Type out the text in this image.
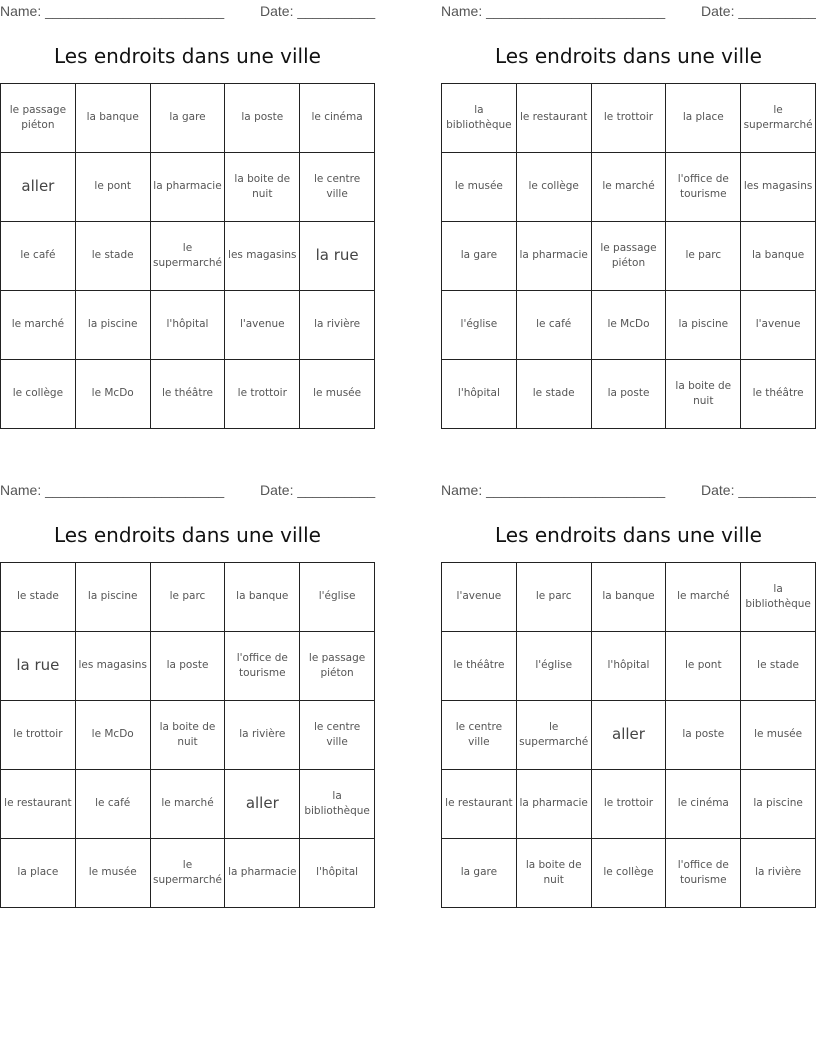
Name: _______________________	Date: __________
Les endroits dans une ville
le passage piéton	la banque	la gare	la poste	le cinéma
aller	le pont	la pharmacie	la boite de nuit	le centre ville
le café	le stade	le supermarché	les magasins	la rue
le marché	la piscine	l'hôpital	l'avenue	la rivière
le collège	le McDo	le théâtre	le trottoir	le musée
Name: _______________________	Date: __________
Les endroits dans une ville
la bibliothèque	le restaurant	le trottoir	la place	le supermarché
le musée	le collège	le marché	l'office de tourisme	les magasins
la gare	la pharmacie	le passage piéton	le parc	la banque
l'église	le café	le McDo	la piscine	l'avenue
l'hôpital	le stade	la poste	la boite de nuit	le théâtre
Name: _______________________	Date: __________
Les endroits dans une ville
le stade	la piscine	le parc	la banque	l'église
la rue	les magasins	la poste	l'office de tourisme	le passage piéton
le trottoir	le McDo	la boite de nuit	la rivière	le centre ville
le restaurant	le café	le marché	aller	la bibliothèque
la place	le musée	le supermarché	la pharmacie	l'hôpital
Name: _______________________	Date: __________
Les endroits dans une ville
l'avenue	le parc	la banque	le marché	la bibliothèque
le théâtre	l'église	l'hôpital	le pont	le stade
le centre ville	le supermarché	aller	la poste	le musée
le restaurant	la pharmacie	le trottoir	le cinéma	la piscine
la gare	la boite de nuit	le collège	l'office de tourisme	la rivière
